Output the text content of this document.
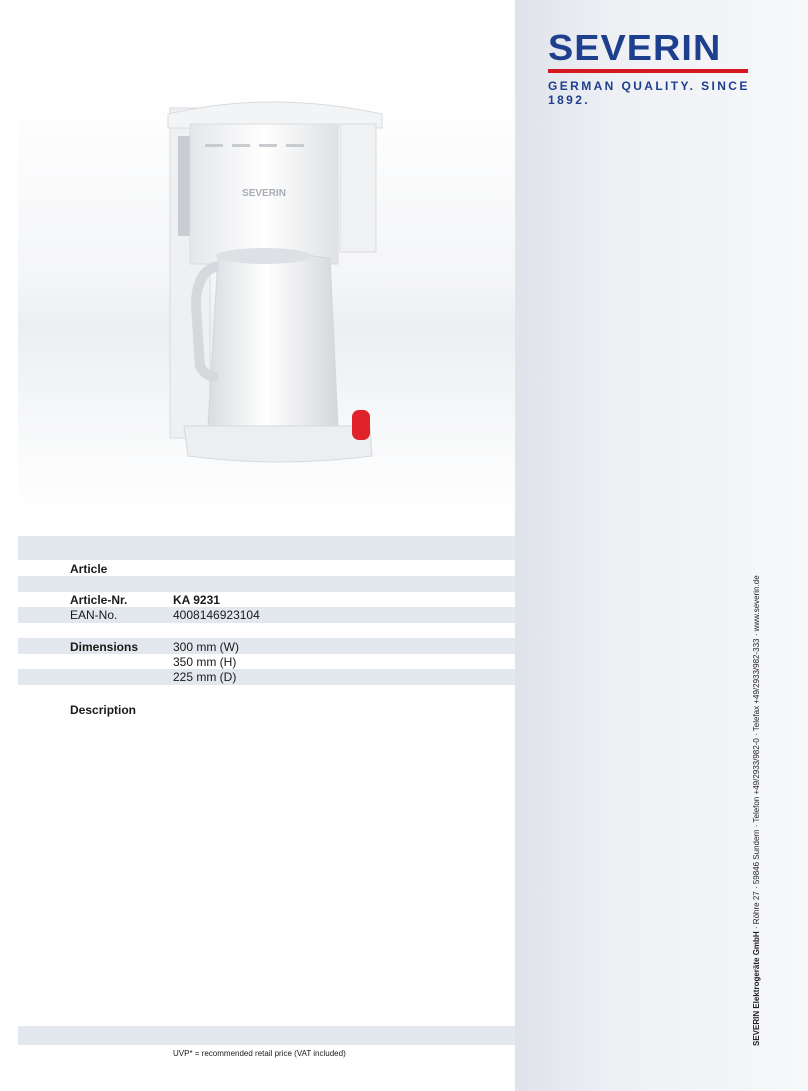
SEVERIN
GERMAN QUALITY. SINCE 1892.
SEVERIN
Article
Article-Nr.	KA 9231
EAN-No.	4008146923104
Dimensions	300 mm (W)
350 mm (H)
225 mm (D)
Description
UVP* = recommended retail price (VAT included)
SEVERIN Elektrogeräte GmbH · Röhre 27 · 59846 Sundern · Telefon +49/2933/982-0 · Telefax +49/2933/982-333 · www.severin.de
